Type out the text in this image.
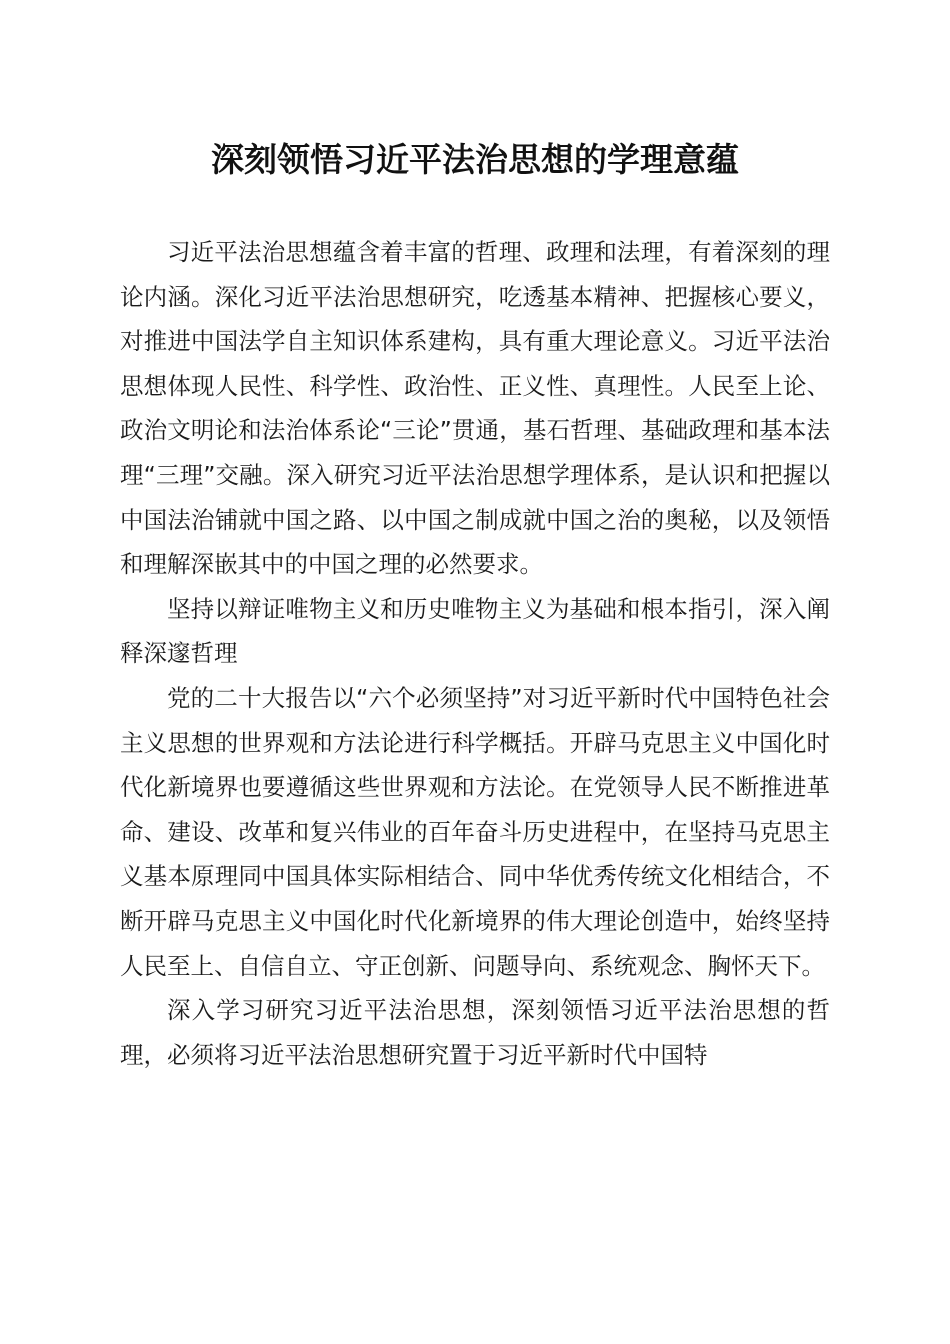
深刻领悟习近平法治思想的学理意蕴

习近平法治思想蕴含着丰富的哲理、政理和法理，有着深刻的理论内涵。深化习近平法治思想研究，吃透基本精神、把握核心要义，对推进中国法学自主知识体系建构，具有重大理论意义。习近平法治思想体现人民性、科学性、政治性、正义性、真理性。人民至上论、政治文明论和法治体系论“三论”贯通，基石哲理、基础政理和基本法理“三理”交融。深入研究习近平法治思想学理体系，是认识和把握以中国法治铺就中国之路、以中国之制成就中国之治的奥秘，以及领悟和理解深嵌其中的中国之理的必然要求。

坚持以辩证唯物主义和历史唯物主义为基础和根本指引，深入阐释深邃哲理

党的二十大报告以“六个必须坚持”对习近平新时代中国特色社会主义思想的世界观和方法论进行科学概括。开辟马克思主义中国化时代化新境界也要遵循这些世界观和方法论。在党领导人民不断推进革命、建设、改革和复兴伟业的百年奋斗历史进程中，在坚持马克思主义基本原理同中国具体实际相结合、同中华优秀传统文化相结合，不断开辟马克思主义中国化时代化新境界的伟大理论创造中，始终坚持人民至上、自信自立、守正创新、问题导向、系统观念、胸怀天下。

深入学习研究习近平法治思想，深刻领悟习近平法治思想的哲理，必须将习近平法治思想研究置于习近平新时代中国特
